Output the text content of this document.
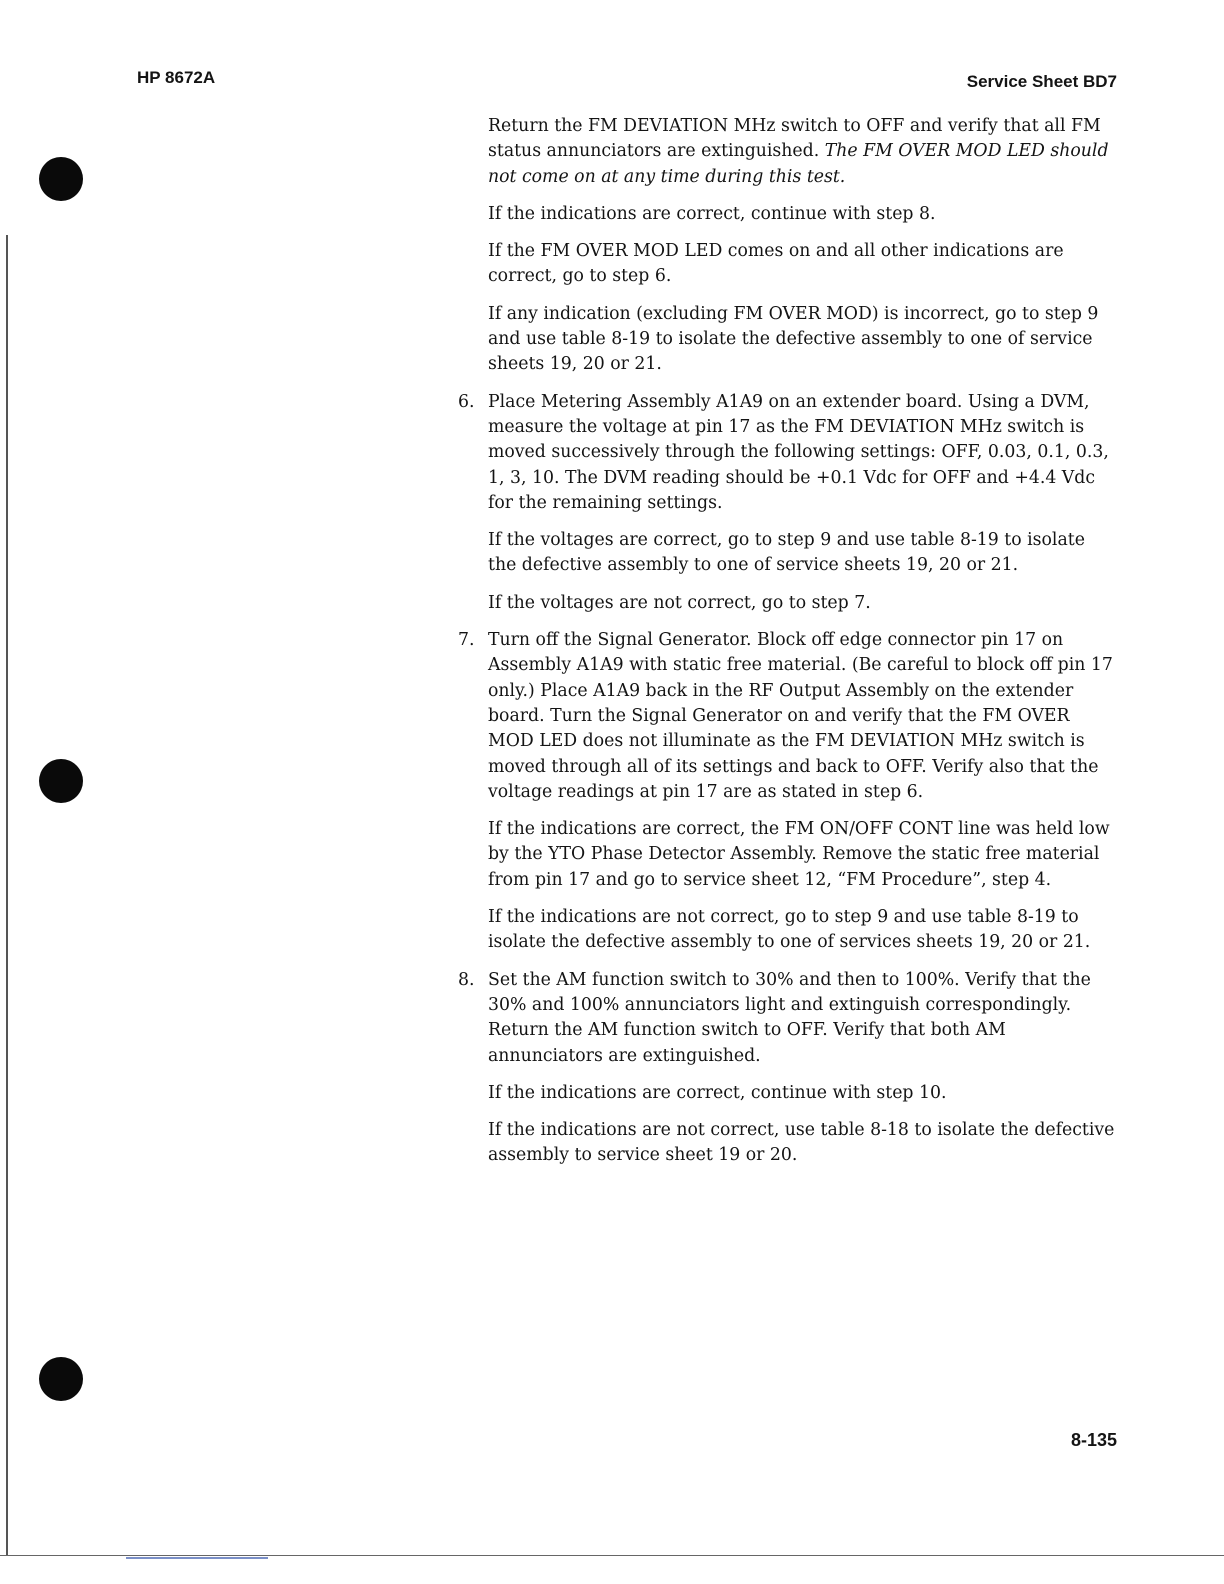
HP 8672A	Service Sheet BD7

Return the FM DEVIATION MHz switch to OFF and verify that all FM status annunciators are extinguished. The FM OVER MOD LED should not come on at any time during this test.

If the indications are correct, continue with step 8.

If the FM OVER MOD LED comes on and all other indications are correct, go to step 6.

If any indication (excluding FM OVER MOD) is incorrect, go to step 9 and use table 8-19 to isolate the defective assembly to one of service sheets 19, 20 or 21.

6. Place Metering Assembly A1A9 on an extender board. Using a DVM, measure the voltage at pin 17 as the FM DEVIATION MHz switch is moved successively through the following settings: OFF, 0.03, 0.1, 0.3, 1, 3, 10. The DVM reading should be +0.1 Vdc for OFF and +4.4 Vdc for the remaining settings.

If the voltages are correct, go to step 9 and use table 8-19 to isolate the defective assembly to one of service sheets 19, 20 or 21.

If the voltages are not correct, go to step 7.

7. Turn off the Signal Generator. Block off edge connector pin 17 on Assembly A1A9 with static free material. (Be careful to block off pin 17 only.) Place A1A9 back in the RF Output Assembly on the extender board. Turn the Signal Generator on and verify that the FM OVER MOD LED does not illuminate as the FM DEVIATION MHz switch is moved through all of its settings and back to OFF. Verify also that the voltage readings at pin 17 are as stated in step 6.

If the indications are correct, the FM ON/OFF CONT line was held low by the YTO Phase Detector Assembly. Remove the static free material from pin 17 and go to service sheet 12, “FM Procedure”, step 4.

If the indications are not correct, go to step 9 and use table 8-19 to isolate the defective assembly to one of services sheets 19, 20 or 21.

8. Set the AM function switch to 30% and then to 100%. Verify that the 30% and 100% annunciators light and extinguish correspondingly. Return the AM function switch to OFF. Verify that both AM annunciators are extinguished.

If the indications are correct, continue with step 10.

If the indications are not correct, use table 8-18 to isolate the defective assembly to service sheet 19 or 20.

8-135
